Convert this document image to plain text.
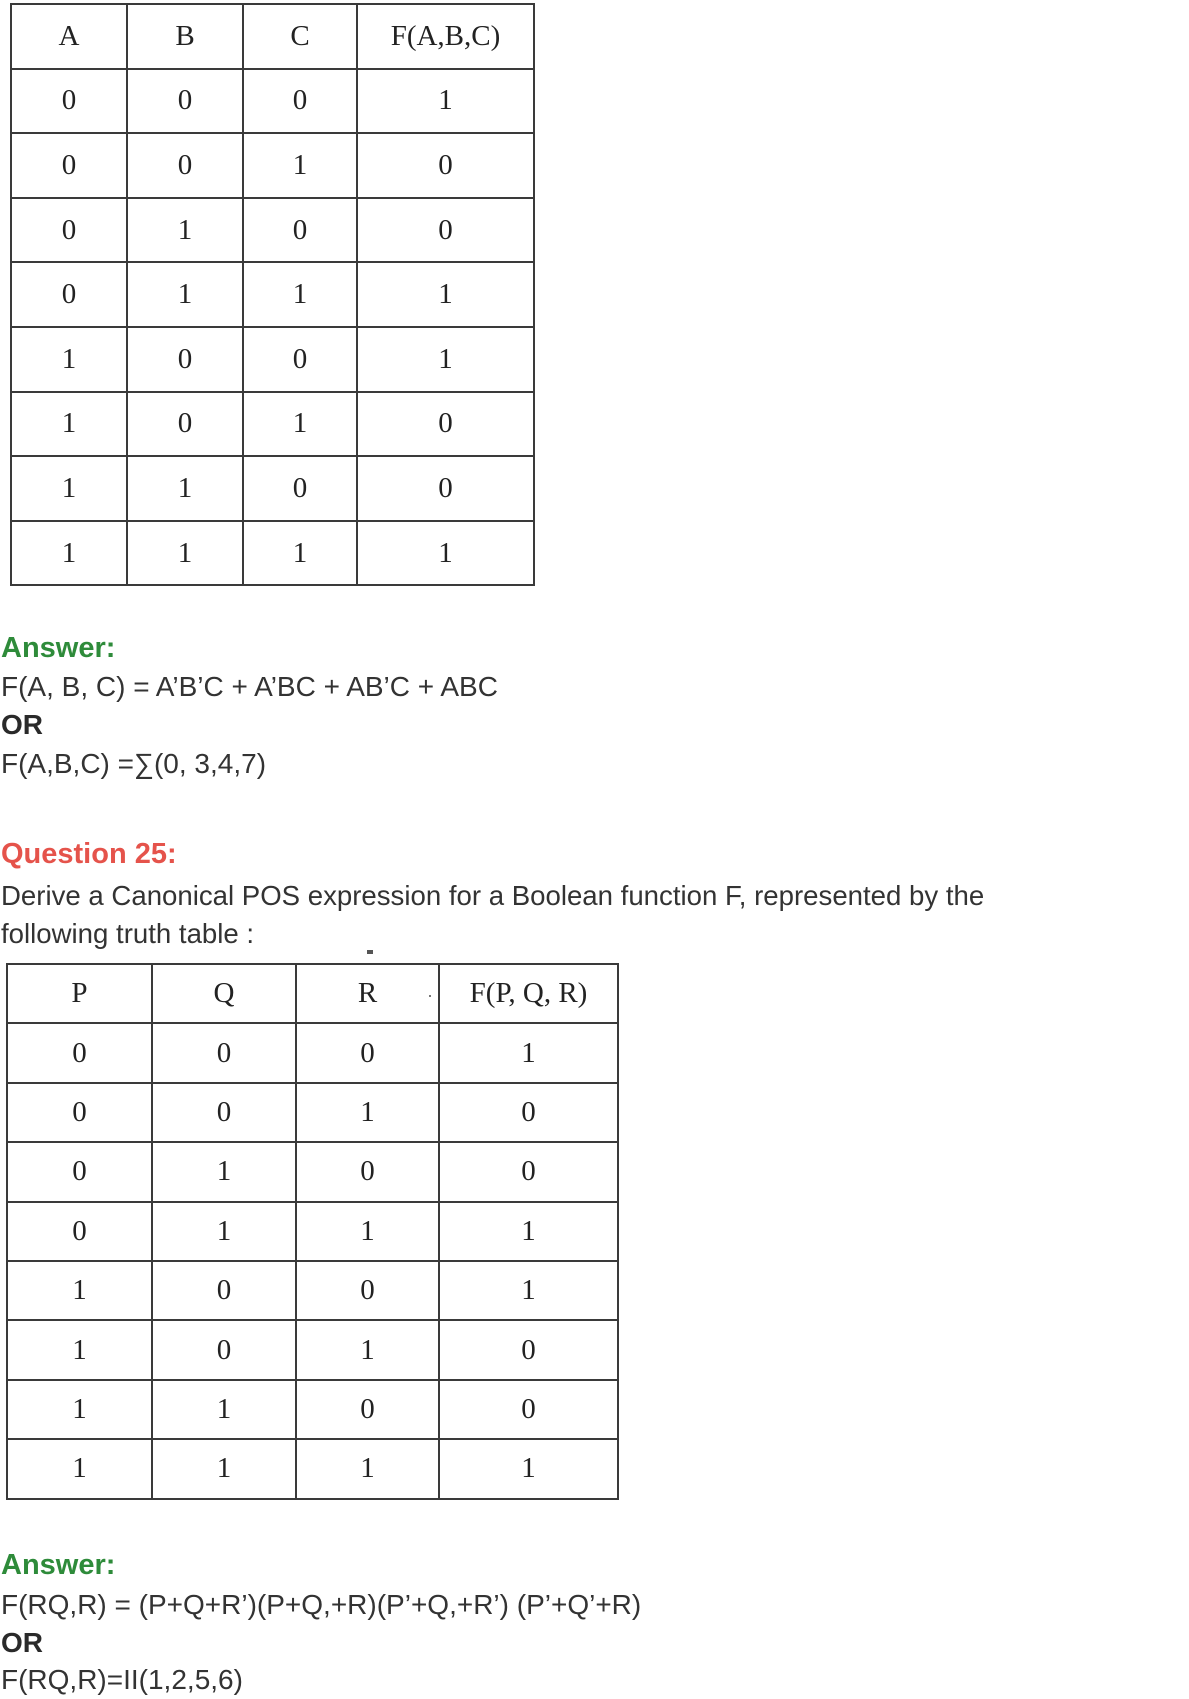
A	B	C	F(A,B,C)
0	0	0	1
0	0	1	0
0	1	0	0
0	1	1	1
1	0	0	1
1	0	1	0
1	1	0	0
1	1	1	1
Answer:
F(A, B, C) = A’B’C + A’BC + AB’C + ABC
OR
F(A,B,C) =∑(0, 3,4,7)
Question 25:
Derive a Canonical POS expression for a Boolean function F, represented by the
following truth table :
P	Q	R	F(P, Q, R)
0	0	0	1
0	0	1	0
0	1	0	0
0	1	1	1
1	0	0	1
1	0	1	0
1	1	0	0
1	1	1	1
Answer:
F(RQ,R) = (P+Q+R’)(P+Q,+R)(P’+Q,+R’) (P’+Q’+R)
OR
F(RQ,R)=II(1,2,5,6)
